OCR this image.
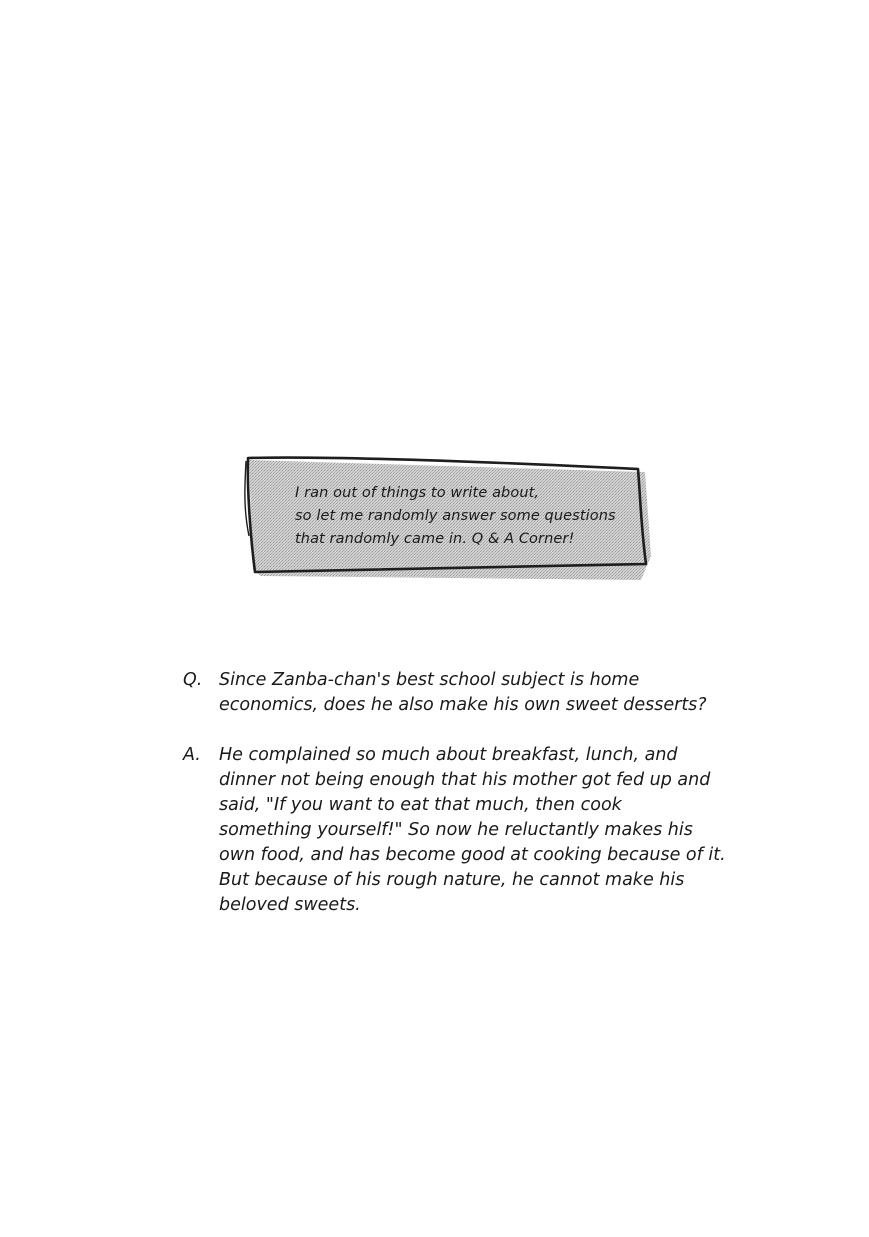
I ran out of things to write about,
so let me randomly answer some questions
that randomly came in. Q & A Corner!
Q. Since Zanba-chan's best school subject is home
economics, does he also make his own sweet desserts?
A.	He complained so much about breakfast, lunch, and
dinner not being enough that his mother got fed up and
said, "If you want to eat that much, then cook
something yourself!" So now he reluctantly makes his
own food, and has become good at cooking because of it.
But because of his rough nature, he cannot make his
beloved sweets.
